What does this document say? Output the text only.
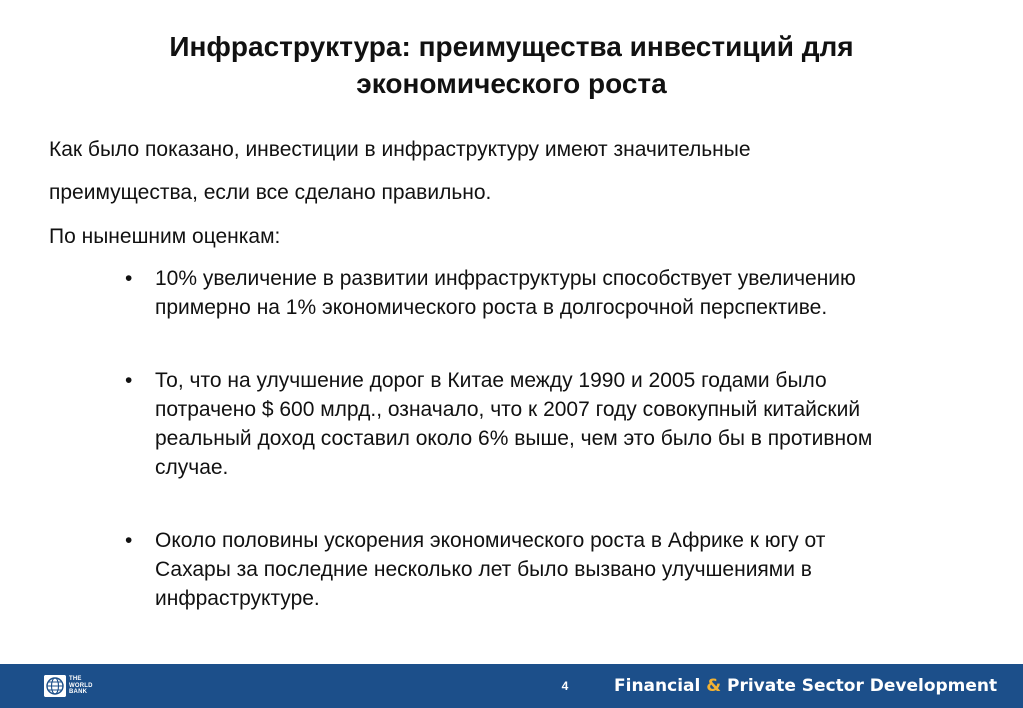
Инфраструктура: преимущества инвестиций для
экономического роста
Как было показано, инвестиции в инфраструктуру имеют значительные
преимущества, если все сделано правильно.
По нынешним оценкам:
• 10% увеличение в развитии инфраструктуры способствует увеличению
примерно на 1% экономического роста в долгосрочной перспективе.
• То, что на улучшение дорог в Китае между 1990 и 2005 годами было
потрачено $ 600 млрд., означало, что к 2007 году совокупный китайский
реальный доход составил около 6% выше, чем это было бы в противном
случае.
• Около половины ускорения экономического роста в Африке к югу от
Сахары за последние несколько лет было вызвано улучшениями в
инфраструктуре.
THE
WORLD
BANK	4	Financial & Private Sector Development
